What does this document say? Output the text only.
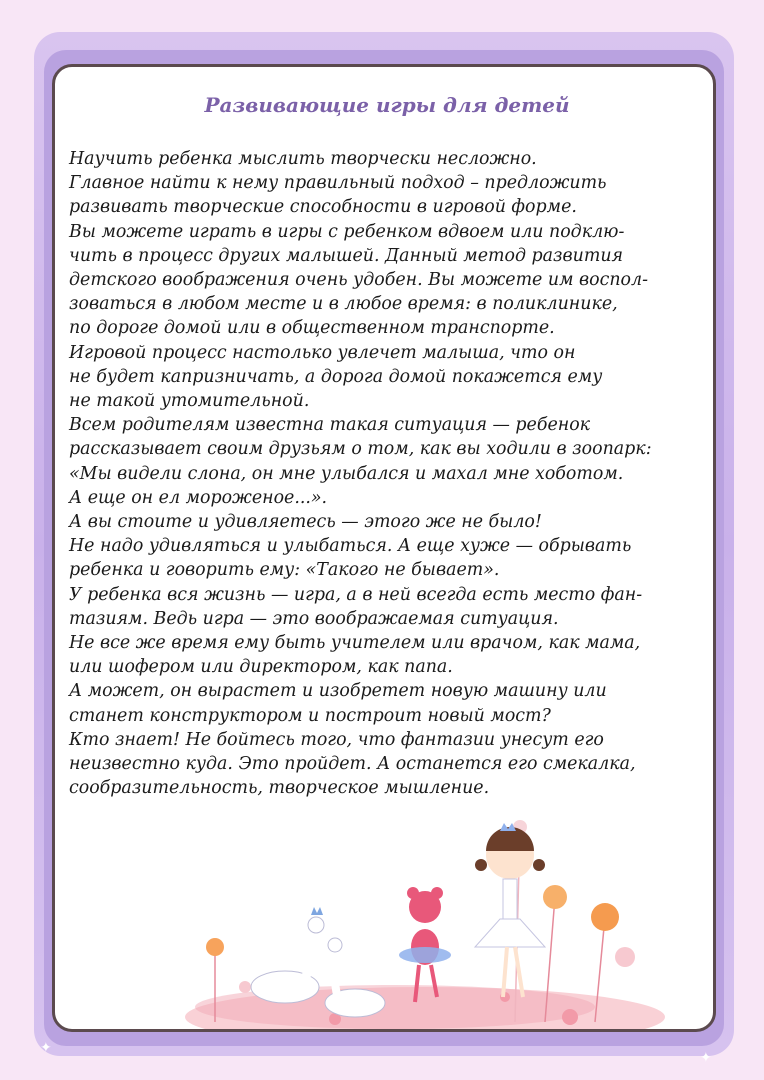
✦
✦
Развивающие игры для детей
Научить ребенка мыслить творчески несложно.
Главное найти к нему правильный подход – предложить
развивать творческие способности в игровой форме.
Вы можете играть в игры с ребенком вдвоем или подклю-
чить в процесс других малышей. Данный метод развития
детского воображения очень удобен. Вы можете им воспол-
зоваться в любом месте и в любое время: в поликлинике,
по дороге домой или в общественном транспорте.
Игровой процесс настолько увлечет малыша, что он
не будет капризничать, а дорога домой покажется ему
не такой утомительной.
Всем родителям известна такая ситуация — ребенок
рассказывает своим друзьям о том, как вы ходили в зоопарк:
«Мы видели слона, он мне улыбался и махал мне хоботом.
А еще он ел мороженое...».
А вы стоите и удивляетесь — этого же не было!
Не надо удивляться и улыбаться. А еще хуже — обрывать
ребенка и говорить ему: «Такого не бывает».
У ребенка вся жизнь — игра, а в ней всегда есть место фан-
тазиям. Ведь игра — это воображаемая ситуация.
Не все же время ему быть учителем или врачом, как мама,
или шофером или директором, как папа.
А может, он вырастет и изобретет новую машину или
станет конструктором и построит новый мост?
Кто знает! Не бойтесь того, что фантазии унесут его
неизвестно куда. Это пройдет. А останется его смекалка,
сообразительность, творческое мышление.
